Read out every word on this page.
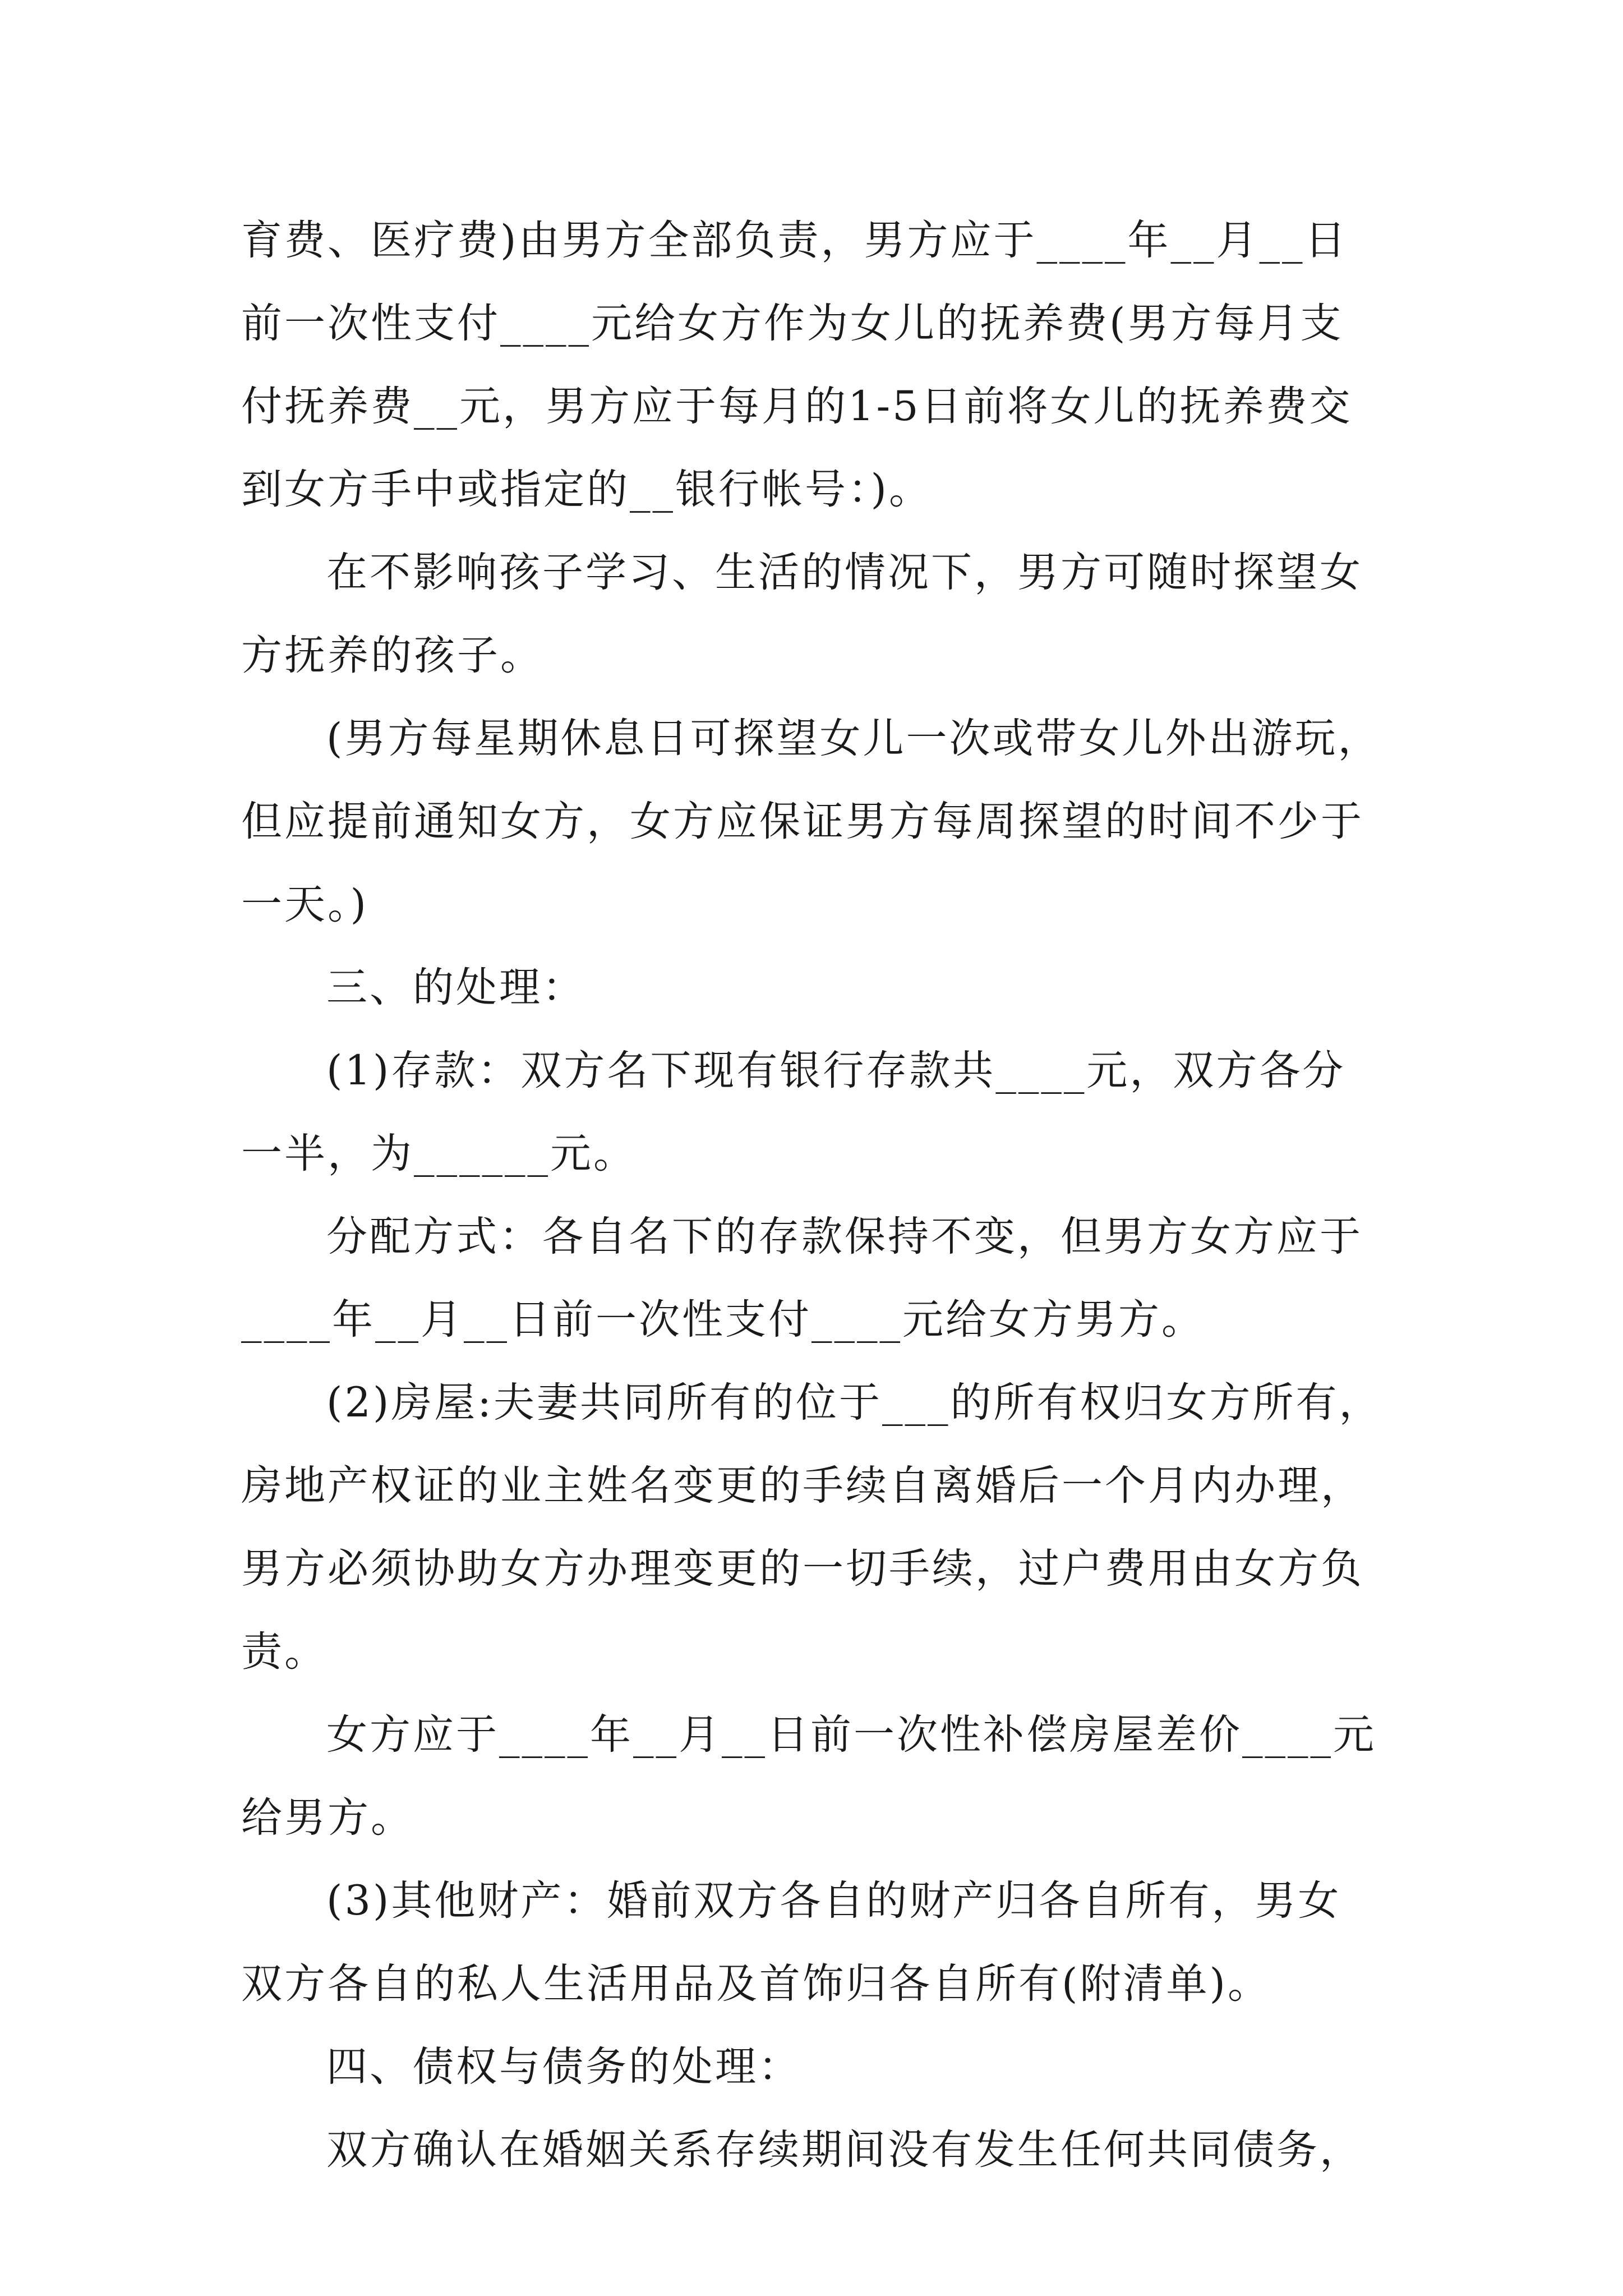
育费、医疗费)由男方全部负责，男方应于____年__月__日
前一次性支付____元给女方作为女儿的抚养费(男方每月支
付抚养费__元，男方应于每月的1-5日前将女儿的抚养费交
到女方手中或指定的__银行帐号：)。
在不影响孩子学习、生活的情况下，男方可随时探望女
方抚养的孩子。
(男方每星期休息日可探望女儿一次或带女儿外出游玩，
但应提前通知女方，女方应保证男方每周探望的时间不少于
一天。)
三、的处理：
(1)存款：双方名下现有银行存款共____元，双方各分
一半，为______元。
分配方式：各自名下的存款保持不变，但男方女方应于
____年__月__日前一次性支付____元给女方男方。
(2)房屋:夫妻共同所有的位于___的所有权归女方所有，
房地产权证的业主姓名变更的手续自离婚后一个月内办理，
男方必须协助女方办理变更的一切手续，过户费用由女方负
责。
女方应于____年__月__日前一次性补偿房屋差价____元
给男方。
(3)其他财产：婚前双方各自的财产归各自所有，男女
双方各自的私人生活用品及首饰归各自所有(附清单)。
四、债权与债务的处理：
双方确认在婚姻关系存续期间没有发生任何共同债务，
